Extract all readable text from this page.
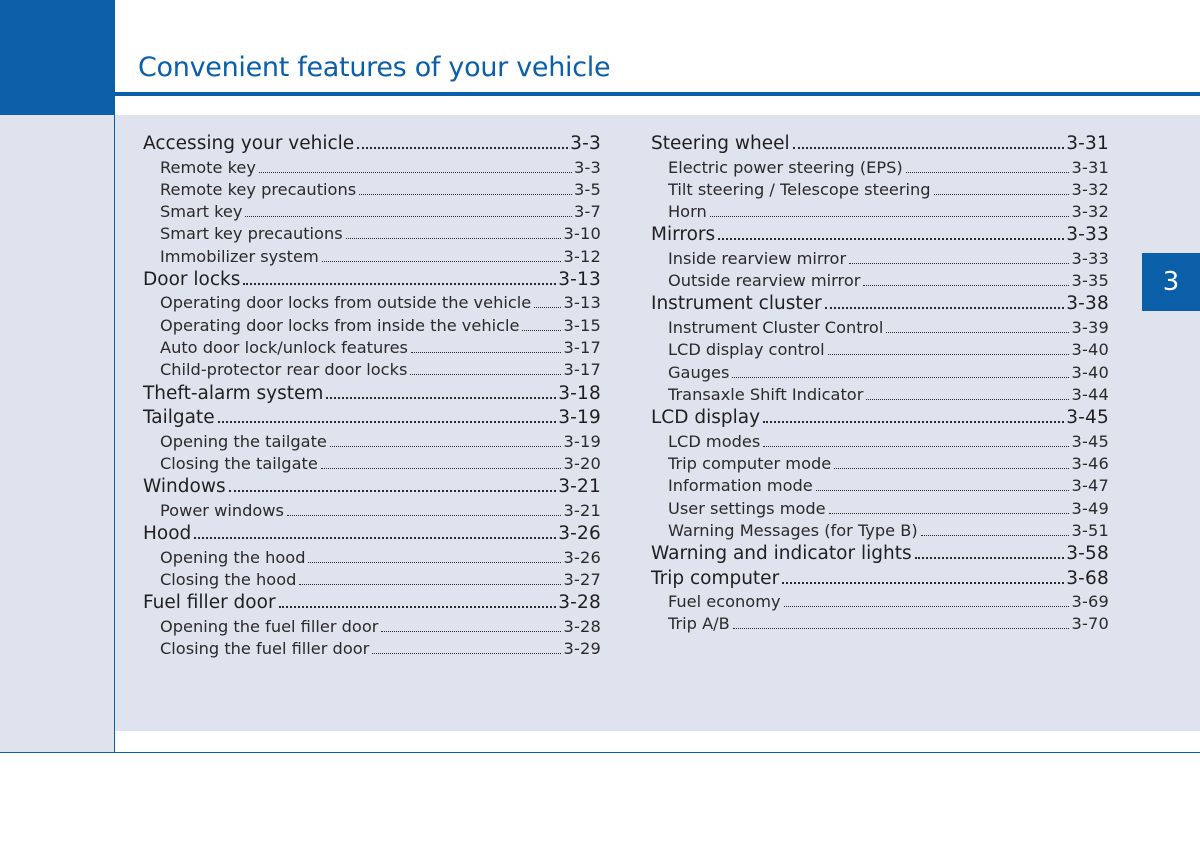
Convenient features of your vehicle
3
Accessing your vehicle	3-3
Remote key	3-3
Remote key precautions	3-5
Smart key	3-7
Smart key precautions	3-10
Immobilizer system	3-12
Door locks	3-13
Operating door locks from outside the vehicle 3-13
Operating door locks from inside the vehicle	3-15
Auto door lock/unlock features	3-17
Child-protector rear door locks	3-17
Theft-alarm system	3-18
Tailgate	3-19
Opening the tailgate	3-19
Closing the tailgate	3-20
Windows	3-21
Power windows	3-21
Hood	3-26
Opening the hood	3-26
Closing the hood	3-27
Fuel filler door	3-28
Opening the fuel filler door	3-28
Closing the fuel filler door	3-29
Steering wheel	3-31
Electric power steering (EPS)	3-31
Tilt steering / Telescope steering	3-32
Horn	3-32
Mirrors	3-33
Inside rearview mirror	3-33
Outside rearview mirror	3-35
Instrument cluster	3-38
Instrument Cluster Control	3-39
LCD display control	3-40
Gauges	3-40
Transaxle Shift Indicator	3-44
LCD display	3-45
LCD modes	3-45
Trip computer mode	3-46
Information mode	3-47
User settings mode	3-49
Warning Messages (for Type B)	3-51
Warning and indicator lights	3-58
Trip computer	3-68
Fuel economy	3-69
Trip A/B	3-70
